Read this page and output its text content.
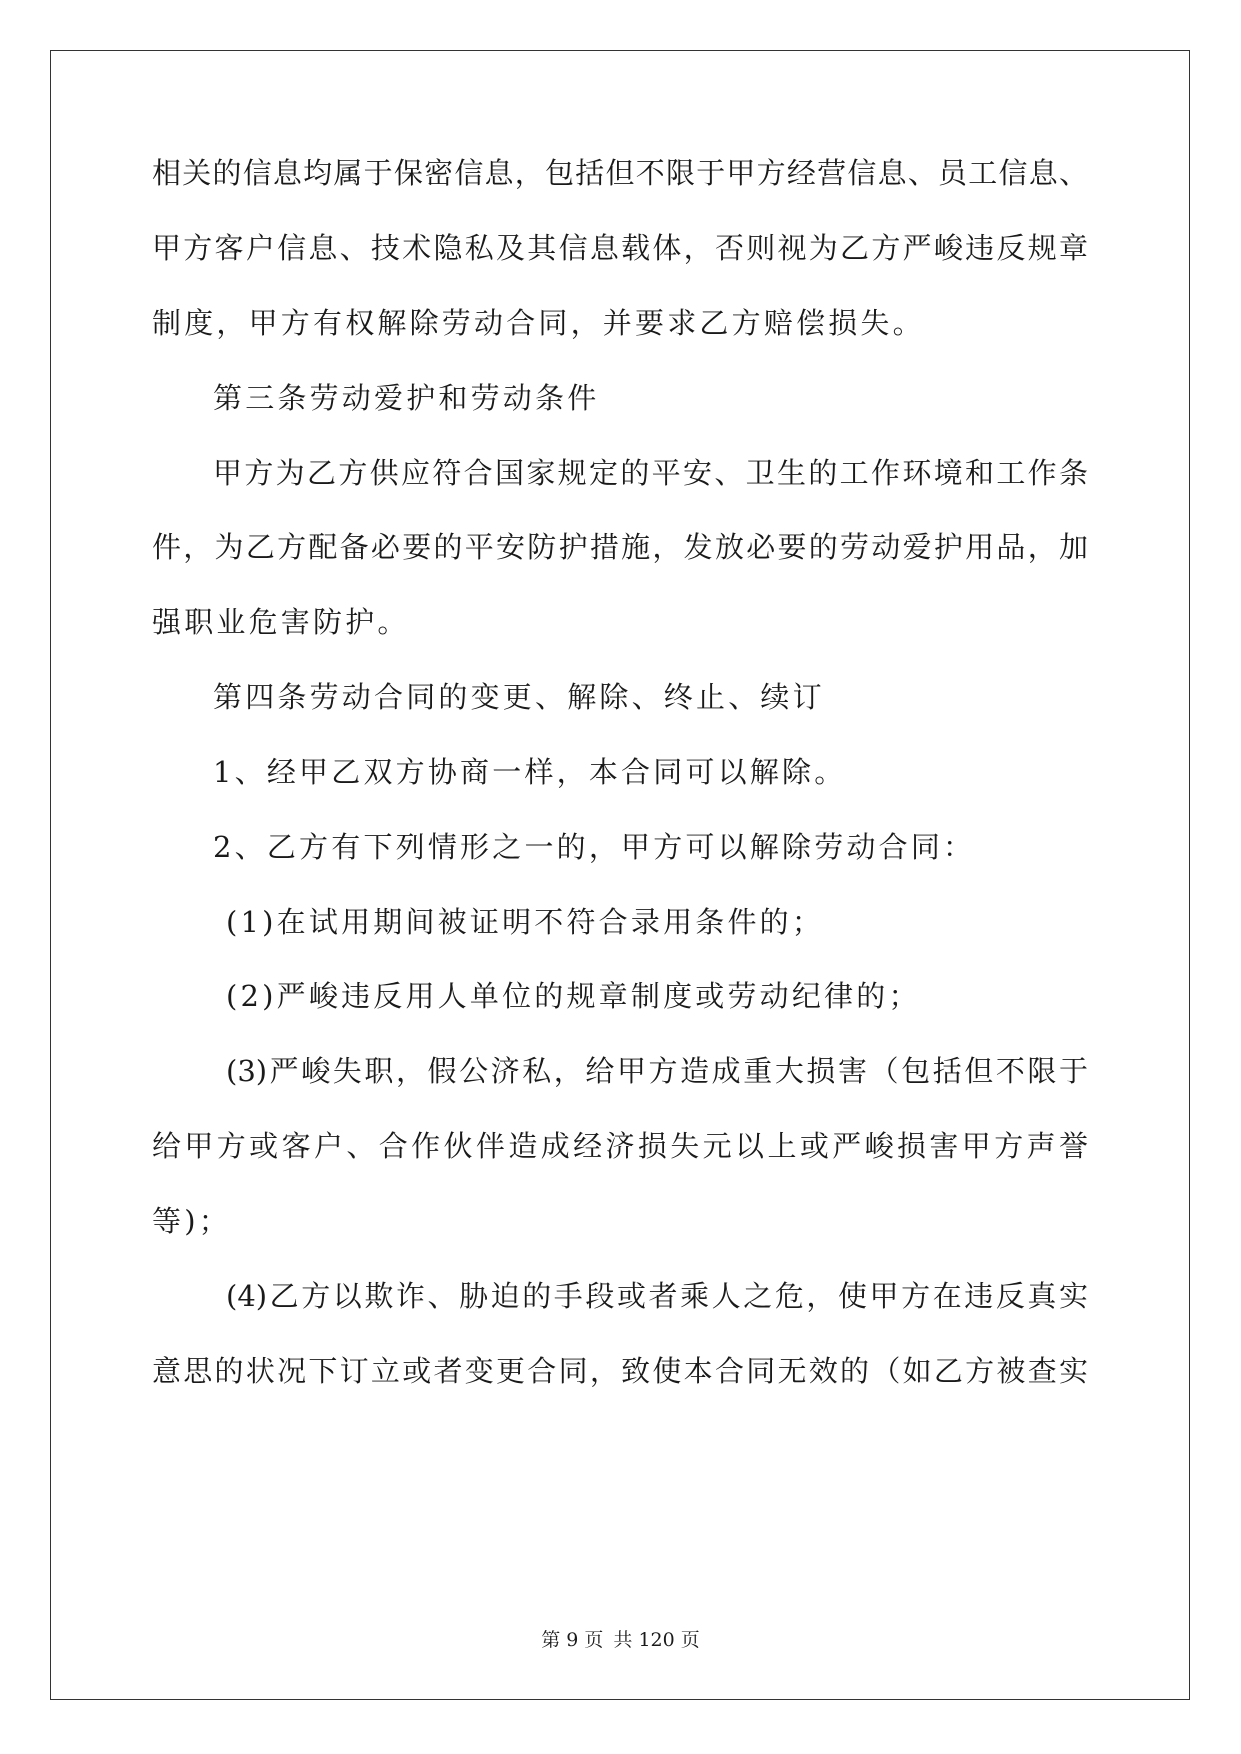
相关的信息均属于保密信息，包括但不限于甲方经营信息、员工信息、
甲方客户信息、技术隐私及其信息载体，否则视为乙方严峻违反规章
制度，甲方有权解除劳动合同，并要求乙方赔偿损失。
第三条劳动爱护和劳动条件
甲方为乙方供应符合国家规定的平安、卫生的工作环境和工作条
件，为乙方配备必要的平安防护措施，发放必要的劳动爱护用品，加
强职业危害防护。
第四条劳动合同的变更、解除、终止、续订
1、经甲乙双方协商一样，本合同可以解除。
2、乙方有下列情形之一的，甲方可以解除劳动合同：
(1)在试用期间被证明不符合录用条件的；
(2)严峻违反用人单位的规章制度或劳动纪律的；
(3)严峻失职，假公济私，给甲方造成重大损害（包括但不限于
给甲方或客户、合作伙伴造成经济损失元以上或严峻损害甲方声誉
等)；
(4)乙方以欺诈、胁迫的手段或者乘人之危，使甲方在违反真实
意思的状况下订立或者变更合同，致使本合同无效的（如乙方被查实
第 9 页 共 120 页
